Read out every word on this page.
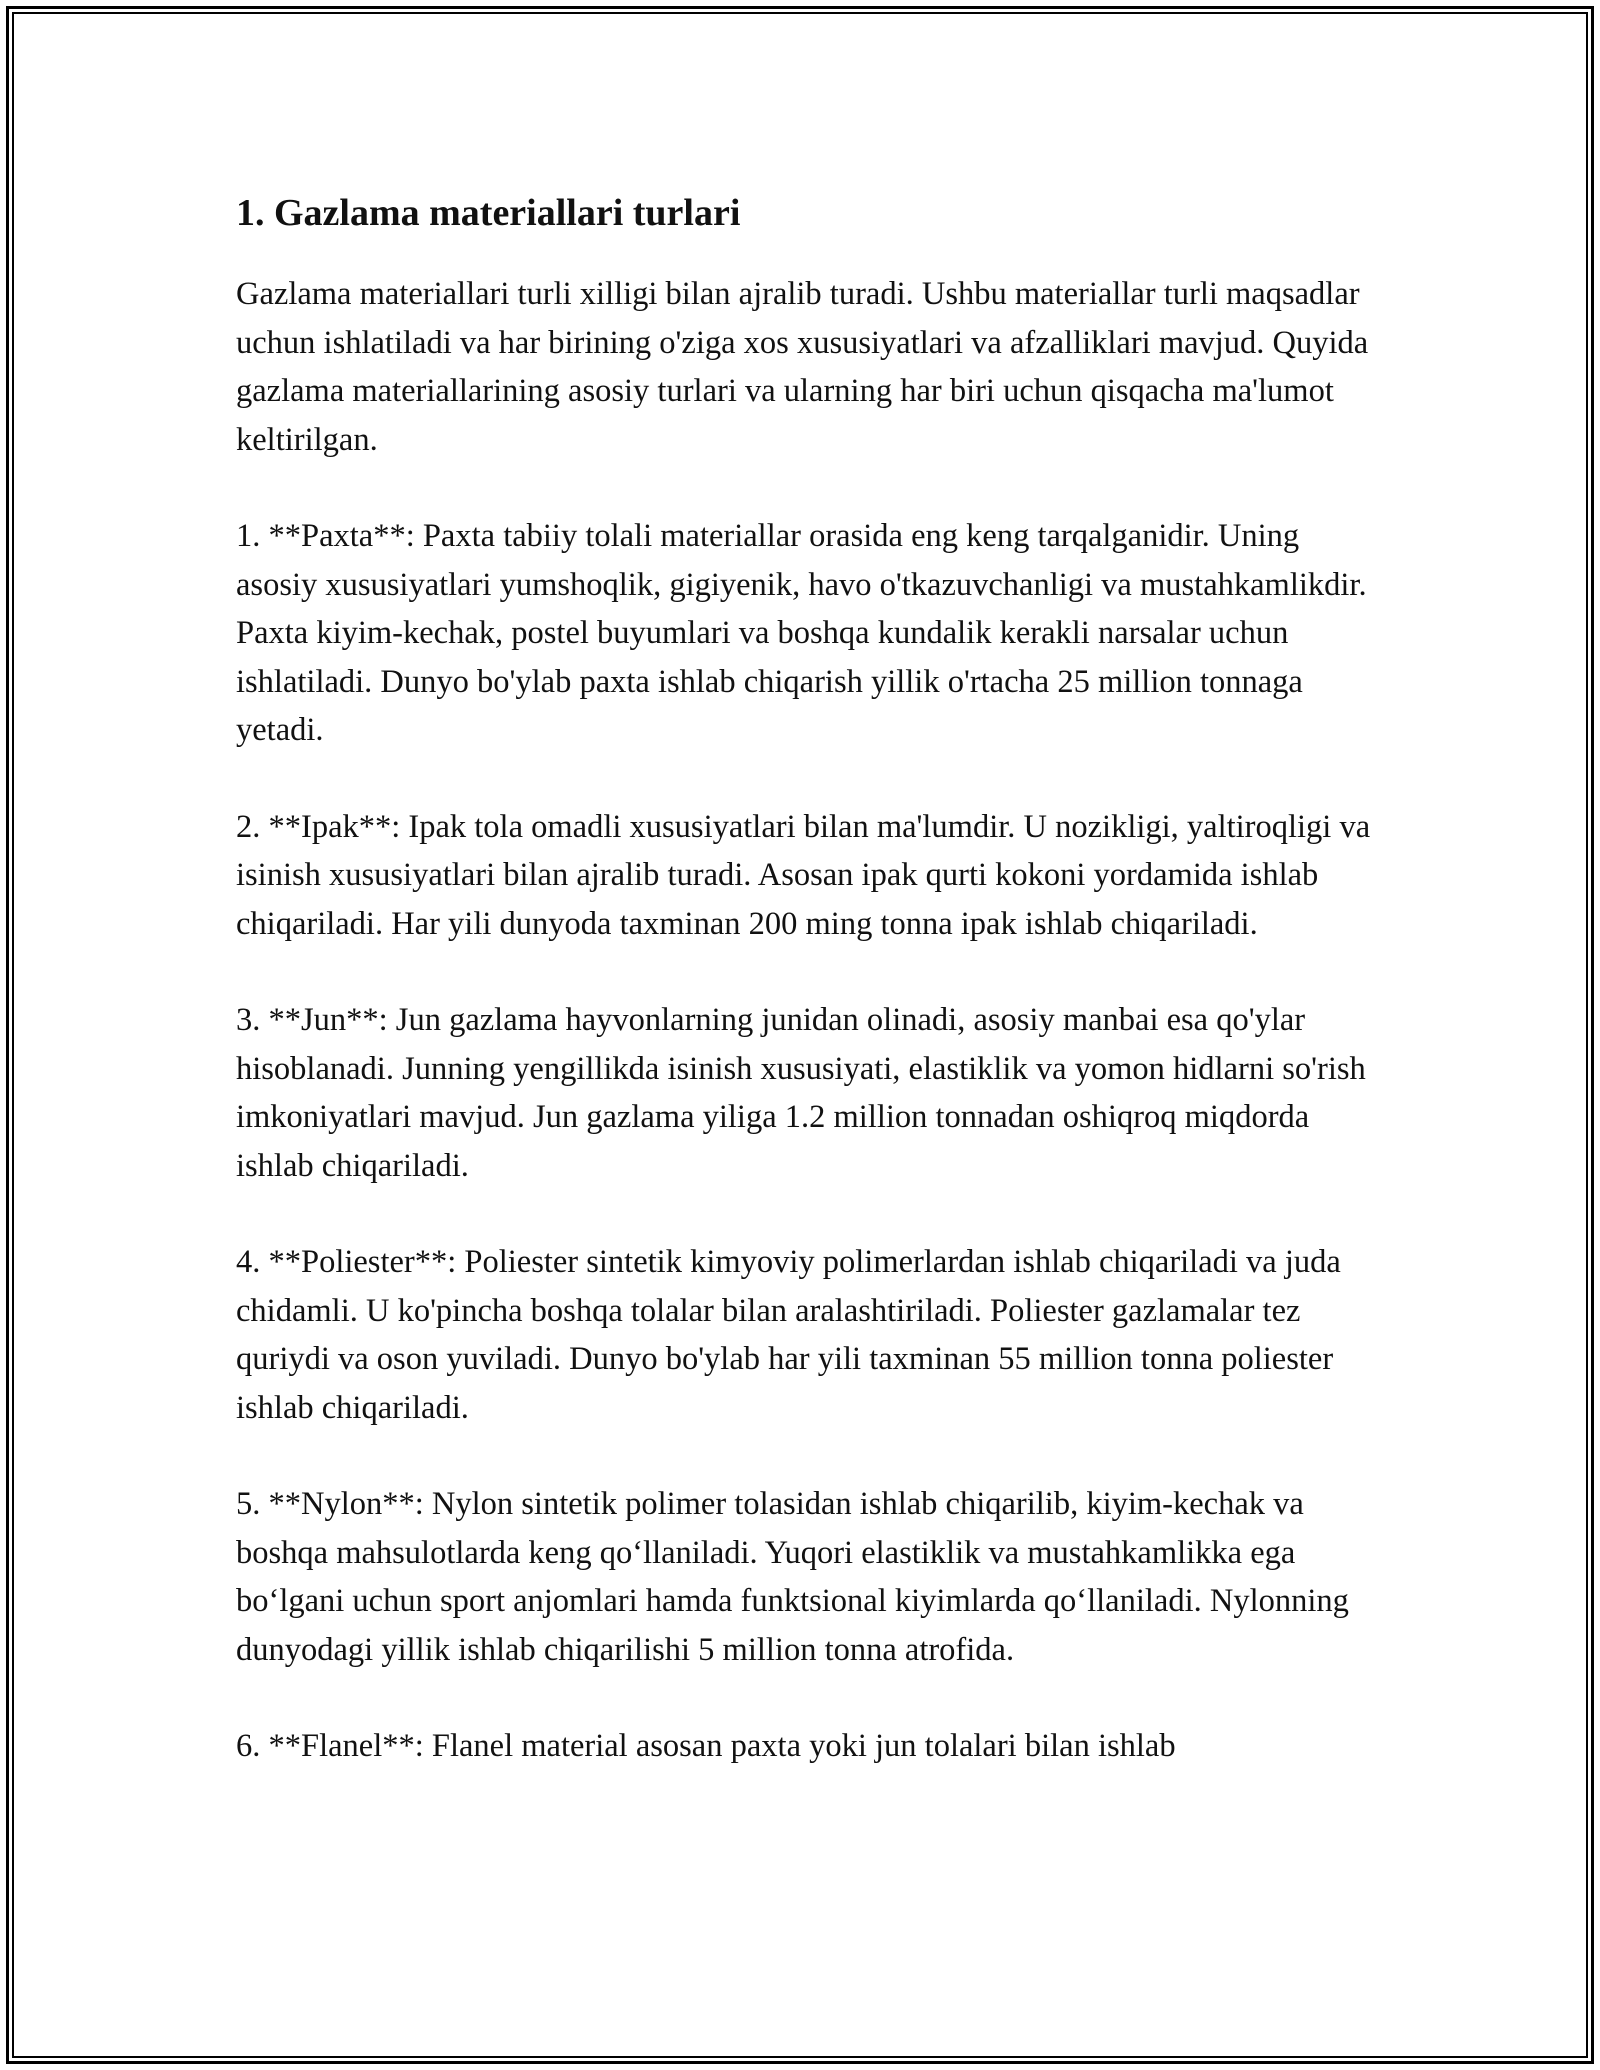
1. Gazlama materiallari turlari

Gazlama materiallari turli xilligi bilan ajralib turadi. Ushbu materiallar turli maqsadlar uchun ishlatiladi va har birining o'ziga xos xususiyatlari va afzalliklari mavjud. Quyida gazlama materiallarining asosiy turlari va ularning har biri uchun qisqacha ma'lumot keltirilgan.

1. **Paxta**: Paxta tabiiy tolali materiallar orasida eng keng tarqalganidir. Uning asosiy xususiyatlari yumshoqlik, gigiyenik, havo o'tkazuvchanligi va mustahkamlikdir. Paxta kiyim-kechak, postel buyumlari va boshqa kundalik kerakli narsalar uchun ishlatiladi. Dunyo bo'ylab paxta ishlab chiqarish yillik o'rtacha 25 million tonnaga yetadi.

2. **Ipak**: Ipak tola omadli xususiyatlari bilan ma'lumdir. U nozikligi, yaltiroqligi va isinish xususiyatlari bilan ajralib turadi. Asosan ipak qurti kokoni yordamida ishlab chiqariladi. Har yili dunyoda taxminan 200 ming tonna ipak ishlab chiqariladi.

3. **Jun**: Jun gazlama hayvonlarning junidan olinadi, asosiy manbai esa qo'ylar hisoblanadi. Junning yengillikda isinish xususiyati, elastiklik va yomon hidlarni so'rish imkoniyatlari mavjud. Jun gazlama yiliga 1.2 million tonnadan oshiqroq miqdorda ishlab chiqariladi.

4. **Poliester**: Poliester sintetik kimyoviy polimerlardan ishlab chiqariladi va juda chidamli. U ko'pincha boshqa tolalar bilan aralashtiriladi. Poliester gazlamalar tez quriydi va oson yuviladi. Dunyo bo'ylab har yili taxminan 55 million tonna poliester ishlab chiqariladi.

5. **Nylon**: Nylon sintetik polimer tolasidan ishlab chiqarilib, kiyim-kechak va boshqa mahsulotlarda keng qo‘llaniladi. Yuqori elastiklik va mustahkamlikka ega bo‘lgani uchun sport anjomlari hamda funktsional kiyimlarda qo‘llaniladi. Nylonning dunyodagi yillik ishlab chiqarilishi 5 million tonna atrofida.

6. **Flanel**: Flanel material asosan paxta yoki jun tolalari bilan ishlab
